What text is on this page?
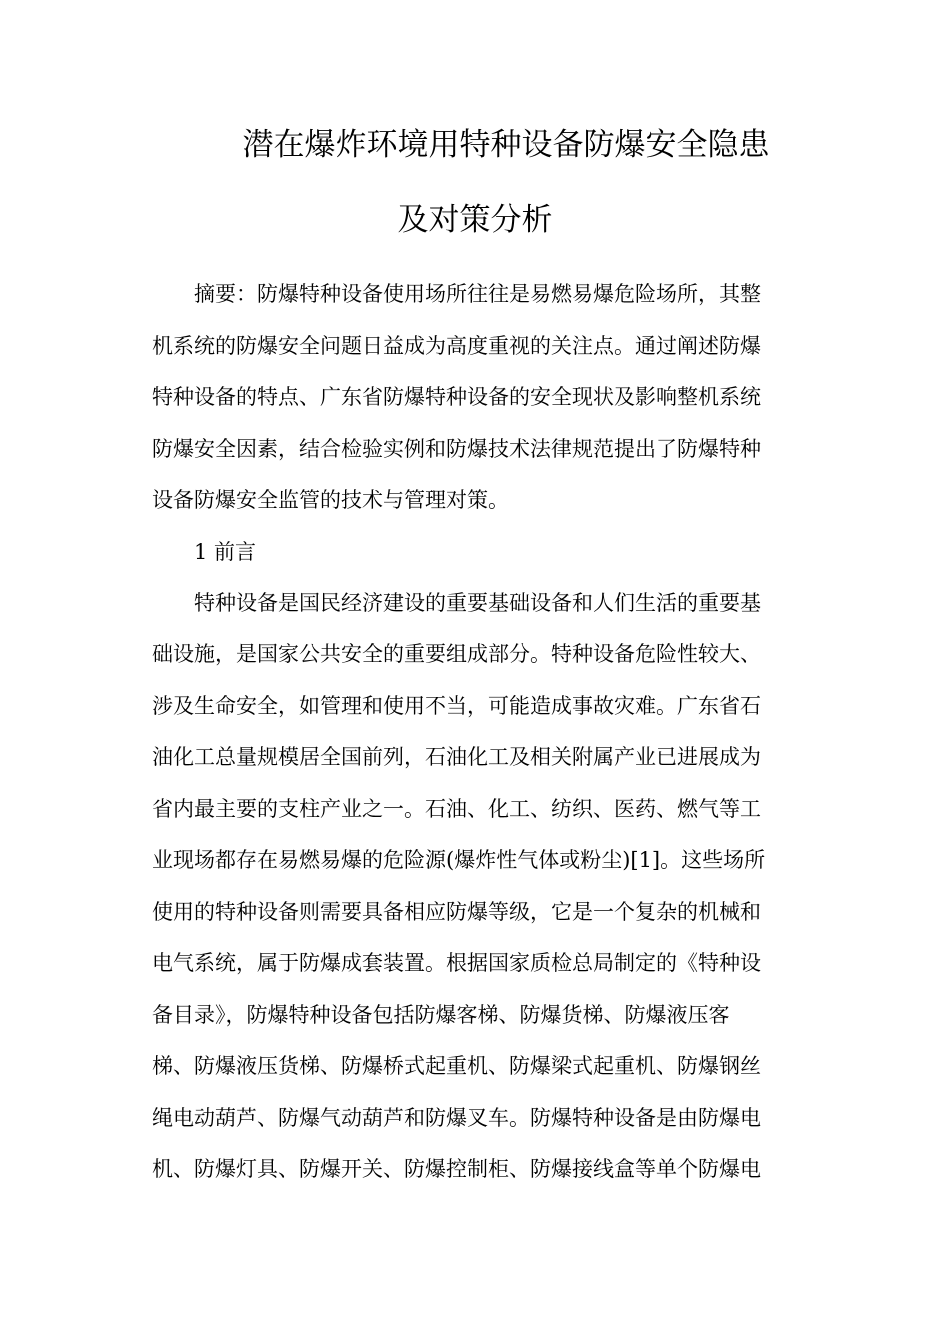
潜在爆炸环境用特种设备防爆安全隐患
及对策分析
摘要：防爆特种设备使用场所往往是易燃易爆危险场所，其整
机系统的防爆安全问题日益成为高度重视的关注点。通过阐述防爆
特种设备的特点、广东省防爆特种设备的安全现状及影响整机系统
防爆安全因素，结合检验实例和防爆技术法律规范提出了防爆特种
设备防爆安全监管的技术与管理对策。
1 前言
特种设备是国民经济建设的重要基础设备和人们生活的重要基
础设施，是国家公共安全的重要组成部分。特种设备危险性较大、
涉及生命安全，如管理和使用不当，可能造成事故灾难。广东省石
油化工总量规模居全国前列，石油化工及相关附属产业已进展成为
省内最主要的支柱产业之一。石油、化工、纺织、医药、燃气等工
业现场都存在易燃易爆的危险源(爆炸性气体或粉尘)[1]。这些场所
使用的特种设备则需要具备相应防爆等级，它是一个复杂的机械和
电气系统，属于防爆成套装置。根据国家质检总局制定的《特种设
备目录》，防爆特种设备包括防爆客梯、防爆货梯、防爆液压客
梯、防爆液压货梯、防爆桥式起重机、防爆梁式起重机、防爆钢丝
绳电动葫芦、防爆气动葫芦和防爆叉车。防爆特种设备是由防爆电
机、防爆灯具、防爆开关、防爆控制柜、防爆接线盒等单个防爆电
